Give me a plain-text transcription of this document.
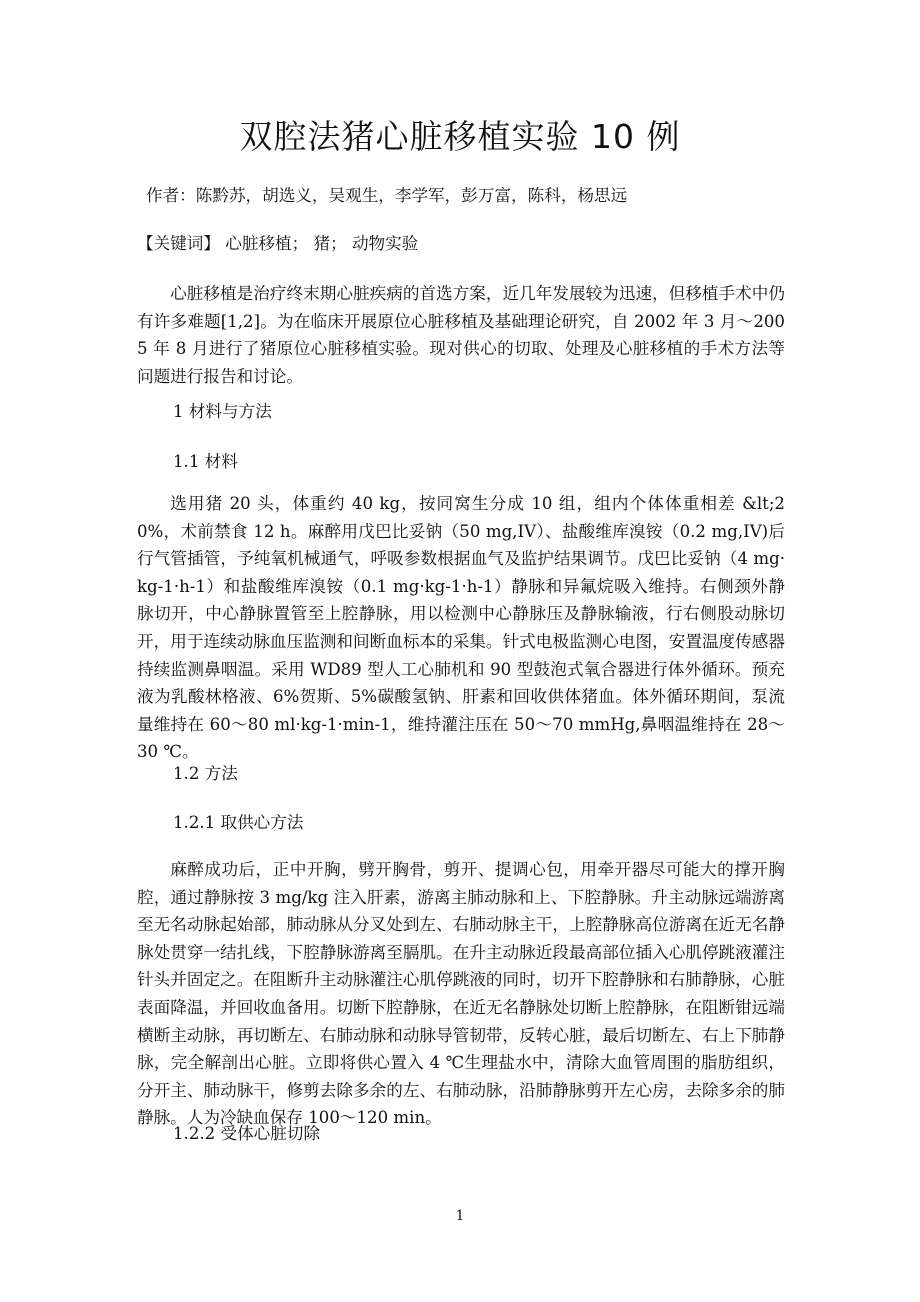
双腔法猪心脏移植实验 10 例
作者：陈黔苏，胡选义，吴观生，李学军，彭万富，陈科，杨思远
【关键词】 心脏移植； 猪； 动物实验
心脏移植是治疗终末期心脏疾病的首选方案，近几年发展较为迅速，但移植手术中仍有许多难题[1,2]。为在临床开展原位心脏移植及基础理论研究，自 2002 年 3 月～2005 年 8 月进行了猪原位心脏移植实验。现对供心的切取、处理及心脏移植的手术方法等问题进行报告和讨论。
1 材料与方法
1.1 材料
选用猪 20 头，体重约 40 kg，按同窝生分成 10 组，组内个体体重相差 &lt;20%，术前禁食 12 h。麻醉用戊巴比妥钠（50 mg,IV）、盐酸维库溴铵（0.2 mg,IV)后行气管插管，予纯氧机械通气，呼吸参数根据血气及监护结果调节。戊巴比妥钠（4 mg·kg-1·h-1）和盐酸维库溴铵（0.1 mg·kg-1·h-1）静脉和异氟烷吸入维持。右侧颈外静脉切开，中心静脉置管至上腔静脉，用以检测中心静脉压及静脉输液，行右侧股动脉切开，用于连续动脉血压监测和间断血标本的采集。针式电极监测心电图，安置温度传感器持续监测鼻咽温。采用 WD89 型人工心肺机和 90 型鼓泡式氧合器进行体外循环。预充液为乳酸林格液、6%贺斯、5%碳酸氢钠、肝素和回收供体猪血。体外循环期间，泵流量维持在 60～80 ml·kg-1·min-1，维持灌注压在 50～70 mmHg,鼻咽温维持在 28～30 ℃。
1.2 方法
1.2.1 取供心方法
麻醉成功后，正中开胸，劈开胸骨，剪开、提调心包，用牵开器尽可能大的撑开胸腔，通过静脉按 3 mg/kg 注入肝素，游离主肺动脉和上、下腔静脉。升主动脉远端游离至无名动脉起始部，肺动脉从分叉处到左、右肺动脉主干，上腔静脉高位游离在近无名静脉处贯穿一结扎线，下腔静脉游离至膈肌。在升主动脉近段最高部位插入心肌停跳液灌注针头并固定之。在阻断升主动脉灌注心肌停跳液的同时，切开下腔静脉和右肺静脉，心脏表面降温，并回收血备用。切断下腔静脉，在近无名静脉处切断上腔静脉，在阻断钳远端横断主动脉，再切断左、右肺动脉和动脉导管韧带，反转心脏，最后切断左、右上下肺静脉，完全解剖出心脏。立即将供心置入 4 ℃生理盐水中，清除大血管周围的脂肪组织，分开主、肺动脉干，修剪去除多余的左、右肺动脉，沿肺静脉剪开左心房，去除多余的肺静脉。人为冷缺血保存 100～120 min。
1.2.2 受体心脏切除
1
